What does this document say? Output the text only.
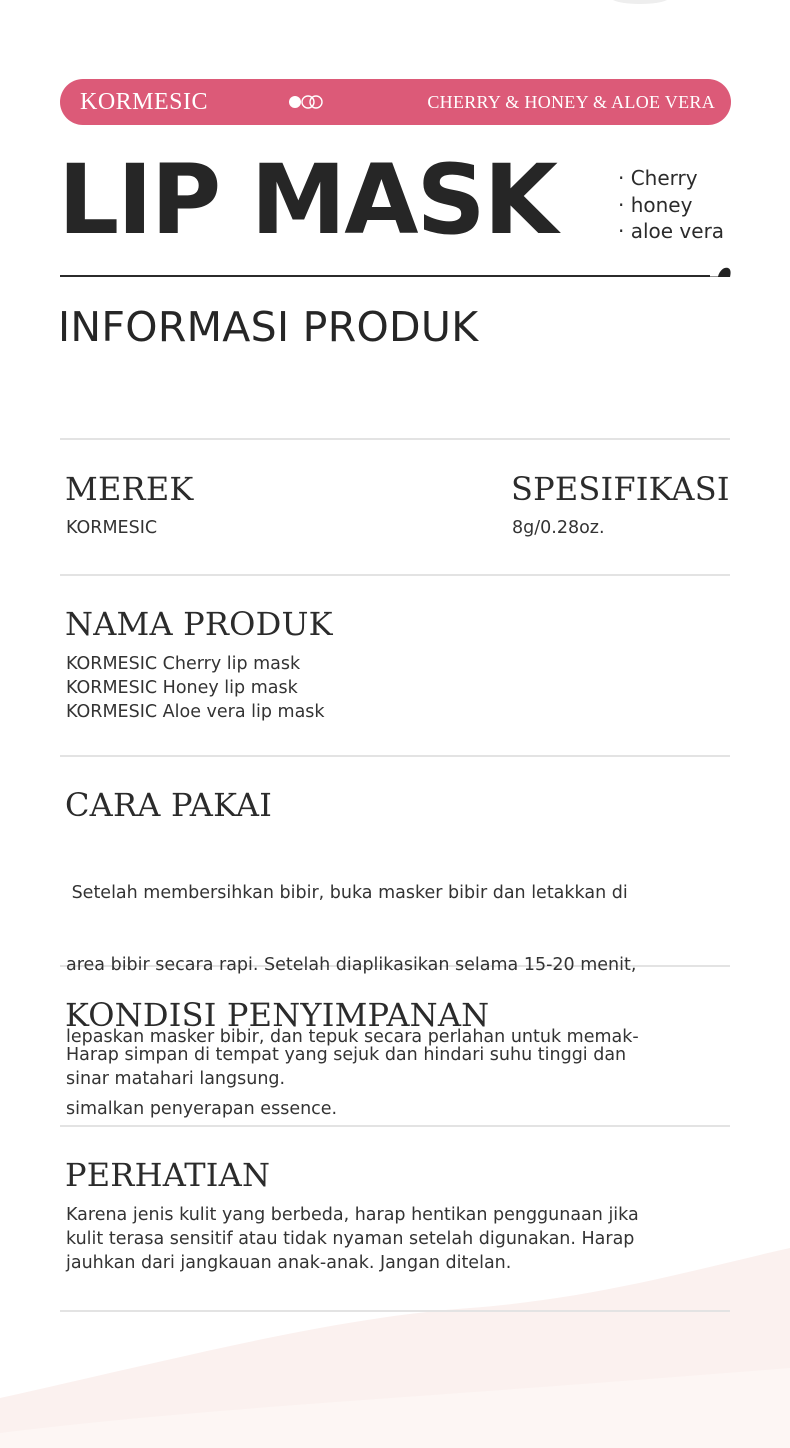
KORMESIC	CHERRY & HONEY & ALOE VERA
LIP MASK
·	Cherry
· honey
· aloe vera
INFORMASI PRODUK
MEREK
KORMESIC
SPESIFIKASI
8g/0.28oz.
NAMA PRODUK
KORMESIC Cherry lip mask
KORMESIC Honey lip mask
KORMESIC Aloe vera lip mask
CARA PAKAI

Setelah membersihkan bibir, buka masker bibir dan letakkan di

area bibir secara rapi. Setelah diaplikasikan selama 15-20 menit,

lepaskan masker bibir, dan tepuk secara perlahan untuk memak-

simalkan penyerapan essence.

KONDISI PENYIMPANAN
Harap simpan di tempat yang sejuk dan hindari suhu tinggi dan
sinar matahari langsung.
PERHATIAN
Karena jenis kulit yang berbeda, harap hentikan penggunaan jika
kulit terasa sensitif atau tidak nyaman setelah digunakan. Harap
jauhkan dari jangkauan anak-anak. Jangan ditelan.
